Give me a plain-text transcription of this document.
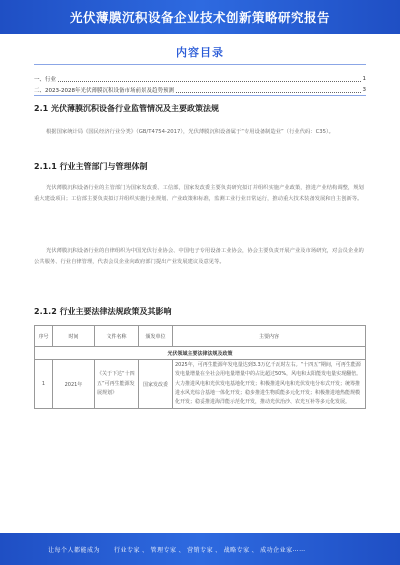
光伏薄膜沉积设备企业技术创新策略研究报告
内容目录
一、行业	1
二、2023-2028年光伏薄膜沉积设备市场前景及趋势预测	3
2.1 光伏薄膜沉积设备行业监管情况及主要政策法规
根据国家统计局《国民经济行业分类》（GB/T4754-2017），光伏薄膜沉积设备属于“专用设备制造业”（行业代码：C35）。
2.1.1 行业主管部门与管理体制
光伏薄膜沉积设备行业的主管部门为国家发改委、工信部，国家发改委主要负责研究拟订并组织实施产业政策，推进产业结构调整，规划重大建设项目；工信部主要负责拟订并组织实施行业规划、产业政策和标准，监测工业行业日常运行，推动重大技术装备发展和自主创新等。
光伏薄膜沉积设备行业的自律组织为中国光伏行业协会、中国电子专用设备工业协会，协会主要负责开展产业及市场研究，对会员企业的公共服务、行业自律管理，代表会员企业向政府部门提出产业发展建议及意见等。
2.1.2 行业主要法律法规政策及其影响
序号	时间	文件名称	颁发单位	主要内容
光伏领域主要法律法规及政策				
1	2021年	《关于下达“十四五”可再生能源发展规划》	国家发改委	2025年，可再生能源年发电量达到3.3万亿千瓦时左右。“十四五”期间，可再生能源发电量增量在全社会用电量增量中的占比超过50%，风电和太阳能发电量实现翻倍。大力推进风电和光伏发电基地化开发；积极推进风电和光伏发电分布式开发；统筹推进水风光综合基地一体化开发；稳步推进生物质能多元化开发；积极推进地热能规模化开发；稳妥推进海洋能示范化开发，推动光伏治沙、农光互补等多元化发展。
让每个人都能成为 行业专家 、 管理专家 、 营销专家 、 战略专家 、 成功企业家 ……
